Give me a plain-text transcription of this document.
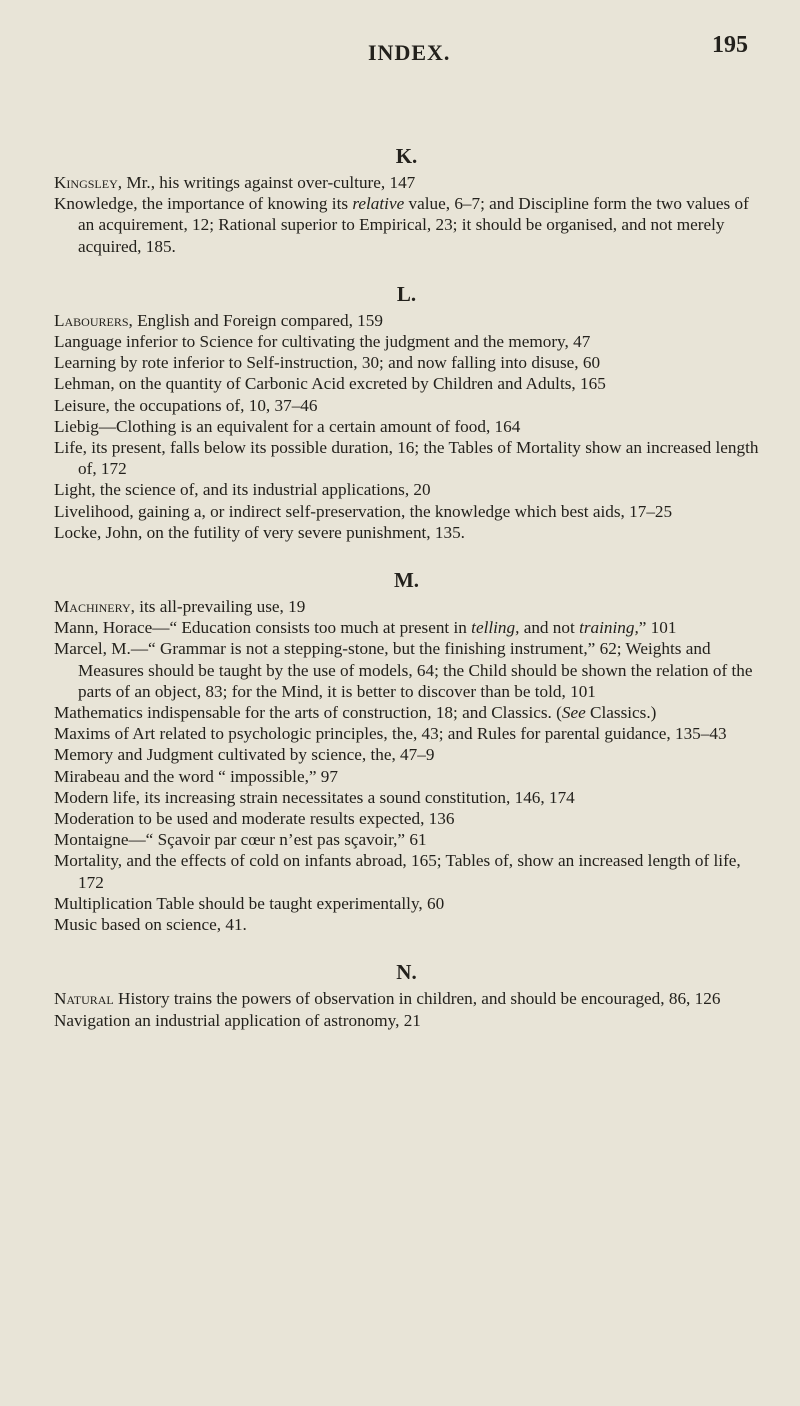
INDEX.	195
K.
Kingsley, Mr., his writings against over-culture, 147
Knowledge, the importance of knowing its relative value, 6–7; and Discipline form the two values of an acquirement, 12; Rational superior to Empirical, 23; it should be organised, and not merely acquired, 185.
L.
Labourers, English and Foreign compared, 159
Language inferior to Science for cultivating the judgment and the memory, 47
Learning by rote inferior to Self-instruction, 30; and now falling into disuse, 60
Lehman, on the quantity of Carbonic Acid excreted by Children and Adults, 165
Leisure, the occupations of, 10, 37–46
Liebig—Clothing is an equivalent for a certain amount of food, 164
Life, its present, falls below its possible duration, 16; the Tables of Mortality show an increased length of, 172
Light, the science of, and its industrial applications, 20
Livelihood, gaining a, or indirect self-preservation, the knowledge which best aids, 17–25
Locke, John, on the futility of very severe punishment, 135.
M.
Machinery, its all-prevailing use, 19
Mann, Horace—“ Education consists too much at present in telling, and not training,” 101
Marcel, M.—“ Grammar is not a stepping-stone, but the finishing instrument,” 62; Weights and Measures should be taught by the use of models, 64; the Child should be shown the relation of the parts of an object, 83; for the Mind, it is better to discover than be told, 101
Mathematics indispensable for the arts of construction, 18; and Classics. (See Classics.)
Maxims of Art related to psychologic principles, the, 43; and Rules for parental guidance, 135–43
Memory and Judgment cultivated by science, the, 47–9
Mirabeau and the word “ impossible,” 97
Modern life, its increasing strain necessitates a sound constitution, 146, 174
Moderation to be used and moderate results expected, 136
Montaigne—“ Sçavoir par cœur n’est pas sçavoir,” 61
Mortality, and the effects of cold on infants abroad, 165; Tables of, show an increased length of life, 172
Multiplication Table should be taught experimentally, 60
Music based on science, 41.
N.
Natural History trains the powers of observation in children, and should be encouraged, 86, 126
Navigation an industrial application of astronomy, 21
